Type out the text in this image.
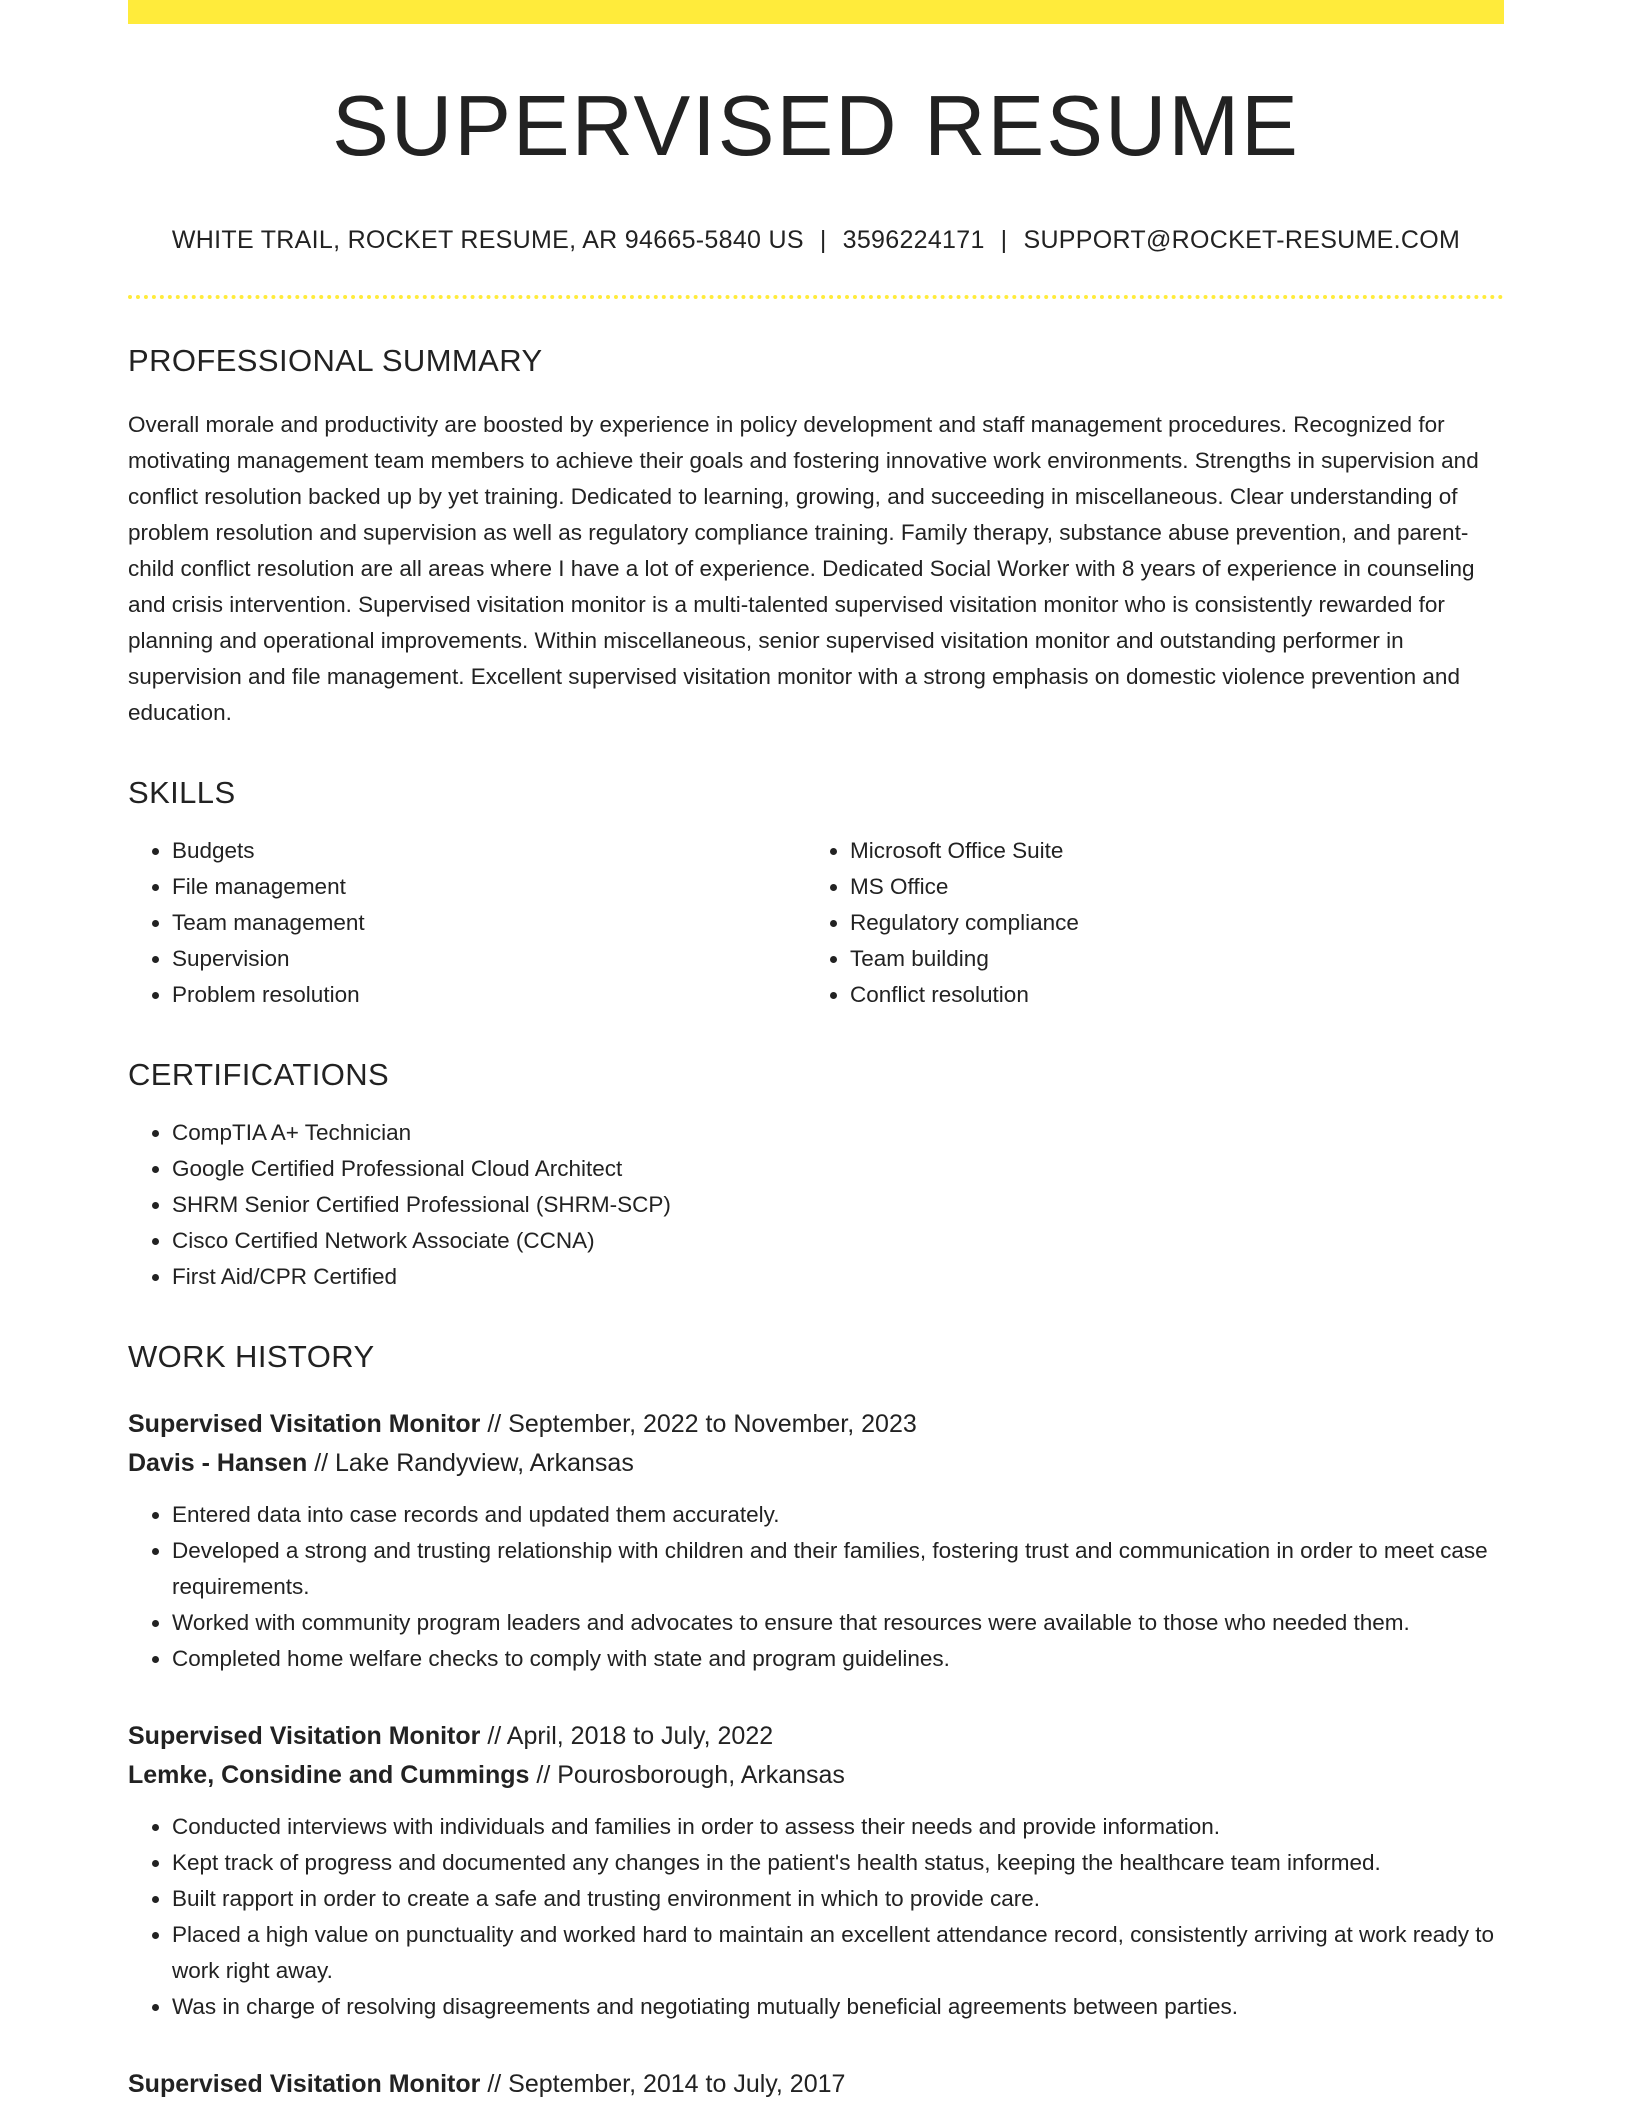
SUPERVISED RESUME
WHITE TRAIL, ROCKET RESUME, AR 94665-5840 US | 3596224171 | SUPPORT@ROCKET-RESUME.COM
PROFESSIONAL SUMMARY

Overall morale and productivity are boosted by experience in policy development and staff management procedures. Recognized for motivating management team members to achieve their goals and fostering innovative work environments. Strengths in supervision and conflict resolution backed up by yet training. Dedicated to learning, growing, and succeeding in miscellaneous. Clear understanding of problem resolution and supervision as well as regulatory compliance training. Family therapy, substance abuse prevention, and parent-child conflict resolution are all areas where I have a lot of experience. Dedicated Social Worker with 8 years of experience in counseling and crisis intervention. Supervised visitation monitor is a multi-talented supervised visitation monitor who is consistently rewarded for planning and operational improvements. Within miscellaneous, senior supervised visitation monitor and outstanding performer in supervision and file management. Excellent supervised visitation monitor with a strong emphasis on domestic violence prevention and education.

SKILLS
• Budgets
• File management
• Team management
• Supervision
• Problem resolution
• Microsoft Office Suite
• MS Office
• Regulatory compliance
• Team building
• Conflict resolution
CERTIFICATIONS
• CompTIA A+ Technician
• Google Certified Professional Cloud Architect
• SHRM Senior Certified Professional (SHRM-SCP)
• Cisco Certified Network Associate (CCNA)
• First Aid/CPR Certified
WORK HISTORY
Supervised Visitation Monitor // September, 2022 to November, 2023
Davis - Hansen // Lake Randyview, Arkansas
• Entered data into case records and updated them accurately.
• Developed a strong and trusting relationship with children and their families, fostering trust and communication in order to meet case requirements.
• Worked with community program leaders and advocates to ensure that resources were available to those who needed them.
• Completed home welfare checks to comply with state and program guidelines.
Supervised Visitation Monitor // April, 2018 to July, 2022
Lemke, Considine and Cummings // Pourosborough, Arkansas
• Conducted interviews with individuals and families in order to assess their needs and provide information.
• Kept track of progress and documented any changes in the patient's health status, keeping the healthcare team informed.
• Built rapport in order to create a safe and trusting environment in which to provide care.
• Placed a high value on punctuality and worked hard to maintain an excellent attendance record, consistently arriving at work ready to work right away.
• Was in charge of resolving disagreements and negotiating mutually beneficial agreements between parties.
Supervised Visitation Monitor // September, 2014 to July, 2017
